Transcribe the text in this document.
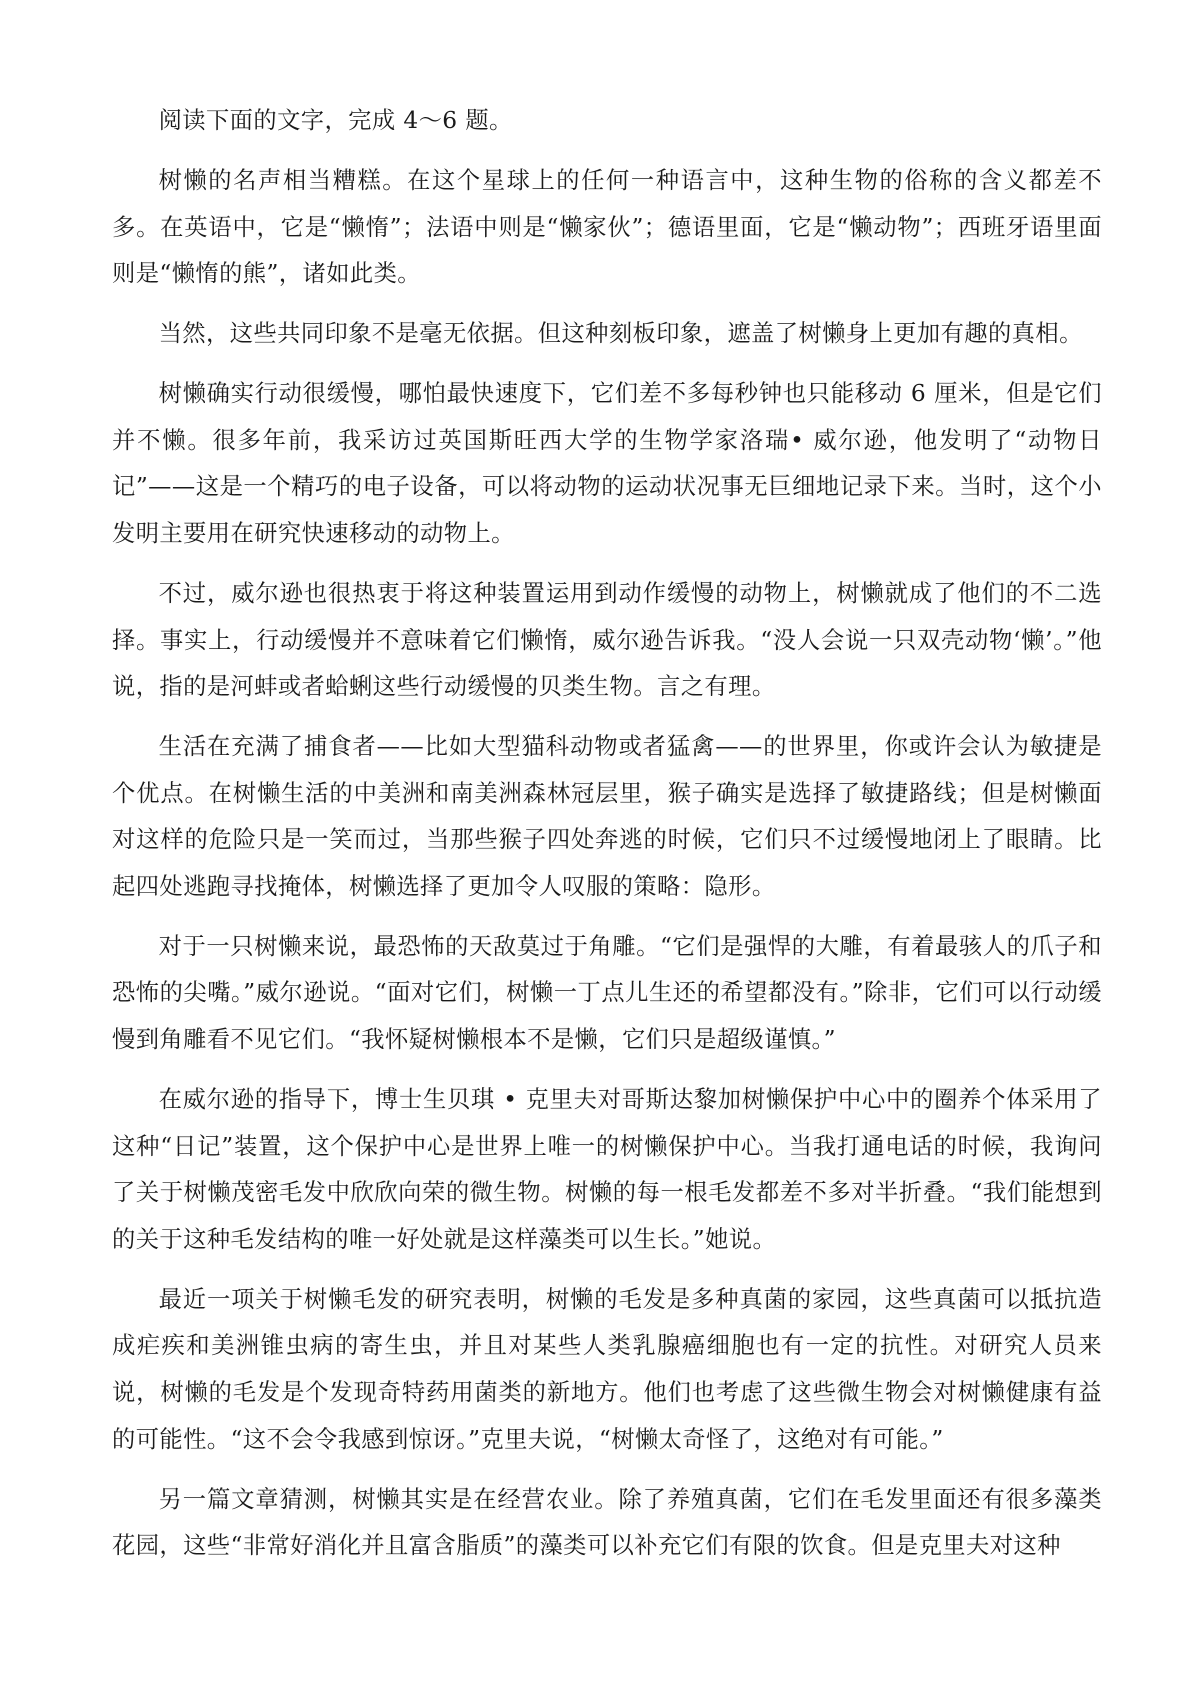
阅读下面的文字，完成 4～6 题。

树懒的名声相当糟糕。在这个星球上的任何一种语言中，这种生物的俗称的含义都差不多。在英语中，它是“懒惰”；法语中则是“懒家伙”；德语里面，它是“懒动物”；西班牙语里面则是“懒惰的熊”，诸如此类。

当然，这些共同印象不是毫无依据。但这种刻板印象，遮盖了树懒身上更加有趣的真相。

树懒确实行动很缓慢，哪怕最快速度下，它们差不多每秒钟也只能移动 6 厘米，但是它们并不懒。很多年前，我采访过英国斯旺西大学的生物学家洛瑞• 威尔逊，他发明了“动物日记”——这是一个精巧的电子设备，可以将动物的运动状况事无巨细地记录下来。当时，这个小发明主要用在研究快速移动的动物上。

不过，威尔逊也很热衷于将这种装置运用到动作缓慢的动物上，树懒就成了他们的不二选择。事实上，行动缓慢并不意味着它们懒惰，威尔逊告诉我。“没人会说一只双壳动物‘懒’。”他说，指的是河蚌或者蛤蜊这些行动缓慢的贝类生物。言之有理。

生活在充满了捕食者——比如大型猫科动物或者猛禽——的世界里，你或许会认为敏捷是个优点。在树懒生活的中美洲和南美洲森林冠层里，猴子确实是选择了敏捷路线；但是树懒面对这样的危险只是一笑而过，当那些猴子四处奔逃的时候，它们只不过缓慢地闭上了眼睛。比起四处逃跑寻找掩体，树懒选择了更加令人叹服的策略：隐形。

对于一只树懒来说，最恐怖的天敌莫过于角雕。“它们是强悍的大雕，有着最骇人的爪子和恐怖的尖嘴。”威尔逊说。“面对它们，树懒一丁点儿生还的希望都没有。”除非，它们可以行动缓慢到角雕看不见它们。“我怀疑树懒根本不是懒，它们只是超级谨慎。”

在威尔逊的指导下，博士生贝琪 • 克里夫对哥斯达黎加树懒保护中心中的圈养个体采用了这种“日记”装置，这个保护中心是世界上唯一的树懒保护中心。当我打通电话的时候，我询问了关于树懒茂密毛发中欣欣向荣的微生物。树懒的每一根毛发都差不多对半折叠。“我们能想到的关于这种毛发结构的唯一好处就是这样藻类可以生长。”她说。

最近一项关于树懒毛发的研究表明，树懒的毛发是多种真菌的家园，这些真菌可以抵抗造成疟疾和美洲锥虫病的寄生虫，并且对某些人类乳腺癌细胞也有一定的抗性。对研究人员来说，树懒的毛发是个发现奇特药用菌类的新地方。他们也考虑了这些微生物会对树懒健康有益的可能性。“这不会令我感到惊讶。”克里夫说，“树懒太奇怪了，这绝对有可能。”

另一篇文章猜测，树懒其实是在经营农业。除了养殖真菌，它们在毛发里面还有很多藻类花园，这些“非常好消化并且富含脂质”的藻类可以补充它们有限的饮食。但是克里夫对这种
